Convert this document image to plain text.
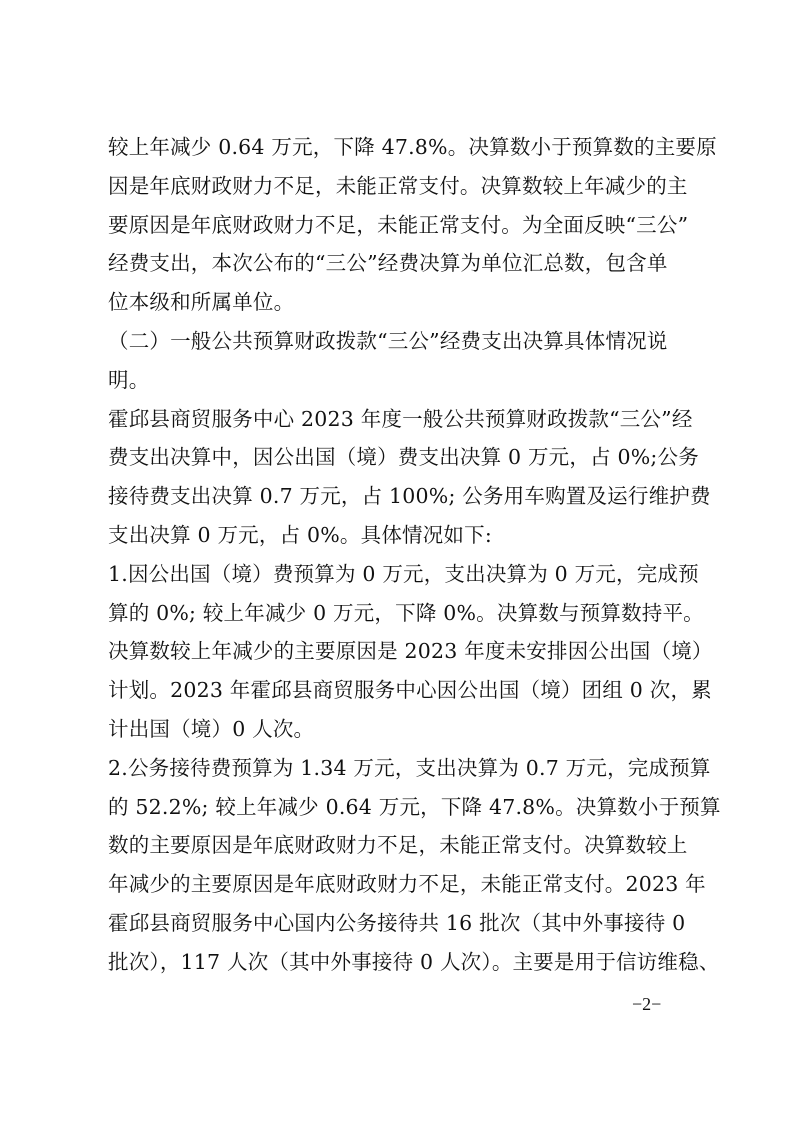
较上年减少 0.64 万元，下降 47.8%。决算数小于预算数的主要原
因是年底财政财力不足，未能正常支付。决算数较上年减少的主
要原因是年底财政财力不足，未能正常支付。为全面反映“三公”
经费支出，本次公布的“三公”经费决算为单位汇总数，包含单
位本级和所属单位。
（二）一般公共预算财政拨款“三公”经费支出决算具体情况说
明。
霍邱县商贸服务中心 2023 年度一般公共预算财政拨款“三公”经
费支出决算中，因公出国（境）费支出决算 0 万元，占 0%;公务
接待费支出决算 0.7 万元，占 100%; 公务用车购置及运行维护费
支出决算 0 万元，占 0%。具体情况如下:
1.因公出国（境）费预算为 0 万元，支出决算为 0 万元，完成预
算的 0%; 较上年减少 0 万元，下降 0%。决算数与预算数持平。
决算数较上年减少的主要原因是 2023 年度未安排因公出国（境）
计划。2023 年霍邱县商贸服务中心因公出国（境）团组 0 次，累
计出国（境）0 人次。
2.公务接待费预算为 1.34 万元，支出决算为 0.7 万元，完成预算
的 52.2%; 较上年减少 0.64 万元，下降 47.8%。决算数小于预算
数的主要原因是年底财政财力不足，未能正常支付。决算数较上
年减少的主要原因是年底财政财力不足，未能正常支付。2023 年
霍邱县商贸服务中心国内公务接待共 16 批次（其中外事接待 0
批次），117 人次（其中外事接待 0 人次）。主要是用于信访维稳、
−2−
